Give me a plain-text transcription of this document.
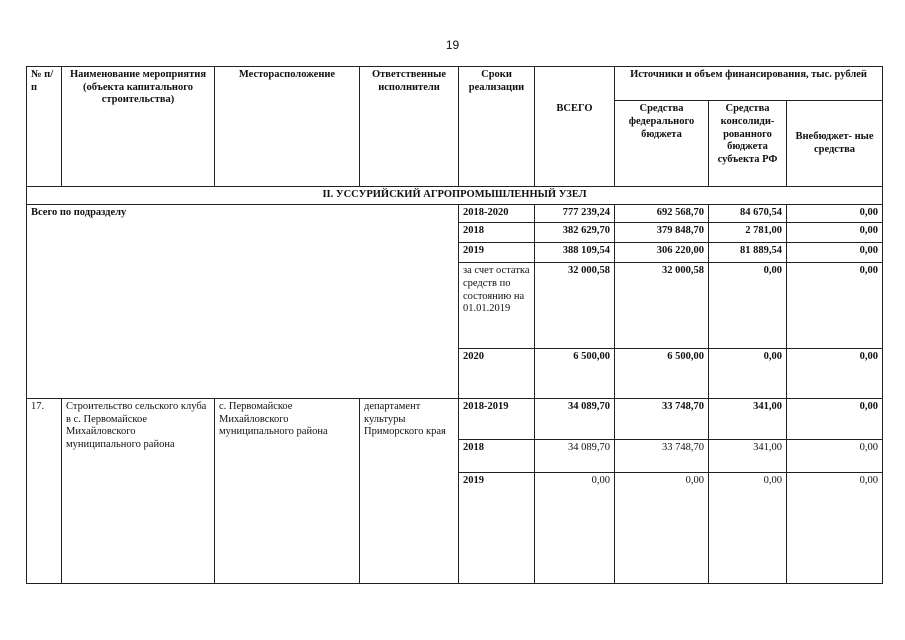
19
№ п/п	Наименование мероприятия (объекта капитального строительства)	Месторасположение	Ответственные исполнители	Сроки реализации		Источники и объем финансирования, тыс. рублей		
					ВСЕГО	Средства федерального бюджета	Средства консолиди- рованного бюджета субъекта РФ	Внебюджет- ные средства
II. УССУРИЙСКИЙ АГРОПРОМЫШЛЕННЫЙ УЗЕЛ								
Всего по подразделу				2018-2020	777 239,24	692 568,70	84 670,54	0,00
				2018	382 629,70	379 848,70	2 781,00	0,00
				2019	388 109,54	306 220,00	81 889,54	0,00
				за счет остатка средств по состоянию на 01.01.2019	32 000,58	32 000,58	0,00	0,00
				2020	6 500,00	6 500,00	0,00	0,00
17.	Строительство сельского клуба в с. Первомайское Михайловского муниципального района	с. Первомайское Михайловского муниципального района	департамент культуры Приморского края	2018-2019	34 089,70	33 748,70	341,00	0,00
				2018	34 089,70	33 748,70	341,00	0,00
				2019	0,00	0,00	0,00	0,00
